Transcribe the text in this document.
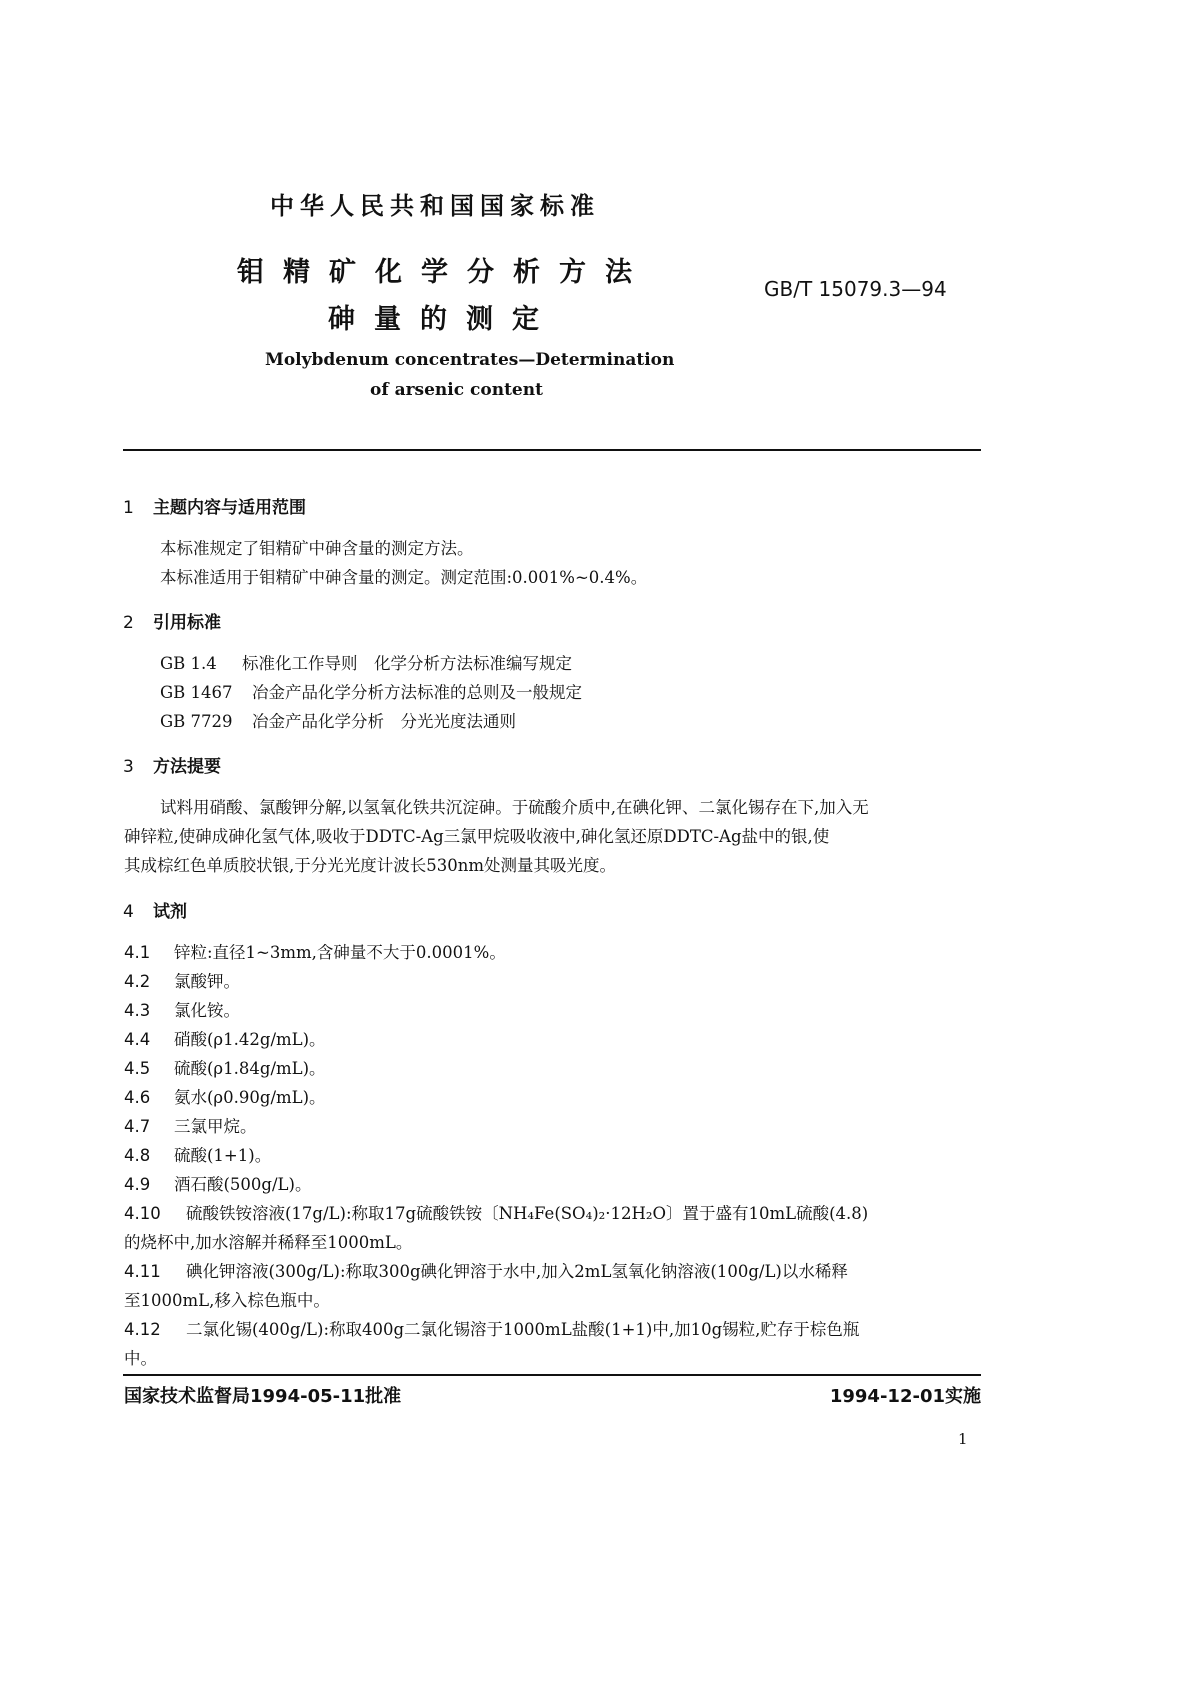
中华人民共和国国家标准
钼精矿化学分析方法
砷量的测定
GB/T 15079.3—94
Molybdenum concentrates—Determination
of arsenic content
1 主题内容与适用范围
本标准规定了钼精矿中砷含量的测定方法。
本标准适用于钼精矿中砷含量的测定。测定范围:0.001%~0.4%。
2 引用标准
GB 1.4 标准化工作导则　化学分析方法标准编写规定
GB 1467 冶金产品化学分析方法标准的总则及一般规定
GB 7729 冶金产品化学分析　分光光度法通则
3 方法提要
试料用硝酸、氯酸钾分解,以氢氧化铁共沉淀砷。于硫酸介质中,在碘化钾、二氯化锡存在下,加入无
砷锌粒,使砷成砷化氢气体,吸收于DDTC-Ag三氯甲烷吸收液中,砷化氢还原DDTC-Ag盐中的银,使
其成棕红色单质胶状银,于分光光度计波长530nm处测量其吸光度。
4 试剂
4.1 锌粒:直径1~3mm,含砷量不大于0.0001%。
4.2 氯酸钾。
4.3 氯化铵。
4.4 硝酸(ρ1.42g/mL)。
4.5 硫酸(ρ1.84g/mL)。
4.6 氨水(ρ0.90g/mL)。
4.7 三氯甲烷。
4.8 硫酸(1+1)。
4.9 酒石酸(500g/L)。
4.10 硫酸铁铵溶液(17g/L):称取17g硫酸铁铵〔NH₄Fe(SO₄)₂·12H₂O〕置于盛有10mL硫酸(4.8)
的烧杯中,加水溶解并稀释至1000mL。
4.11 碘化钾溶液(300g/L):称取300g碘化钾溶于水中,加入2mL氢氧化钠溶液(100g/L)以水稀释
至1000mL,移入棕色瓶中。
4.12 二氯化锡(400g/L):称取400g二氯化锡溶于1000mL盐酸(1+1)中,加10g锡粒,贮存于棕色瓶
中。
国家技术监督局1994-05-11批准	1994-12-01实施
1
